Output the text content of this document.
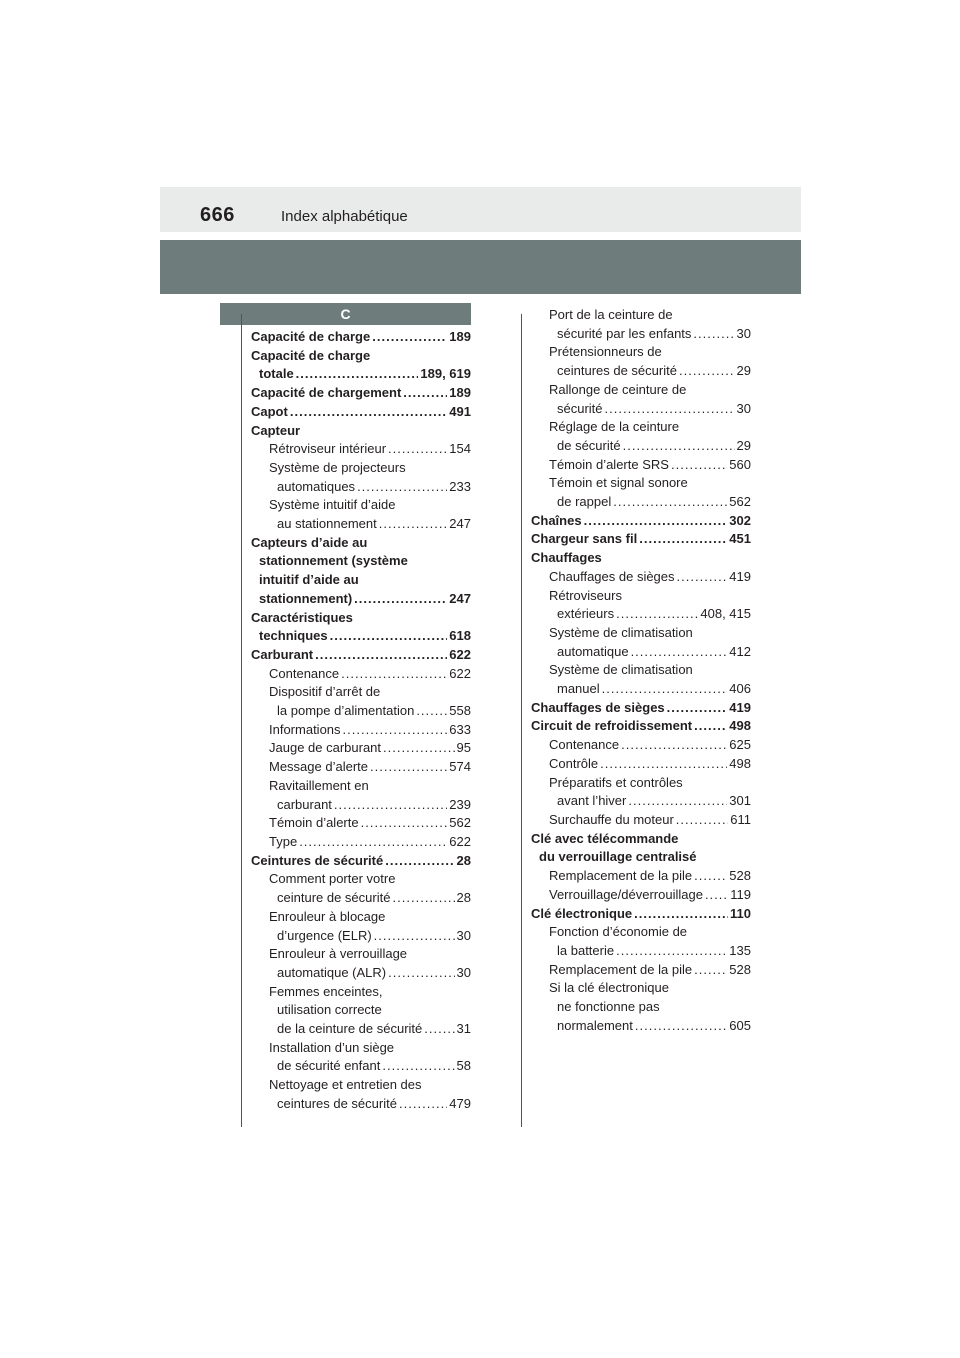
666	Index alphabétique
C
Capacité de charge . . .	189
Capacité de charge
totale . . .	189, 619
Capacité de chargement . . .	189
Capot . . .	491
Capteur
Rétroviseur intérieur . . .	154
Système de projecteurs
automatiques . . .	233
Système intuitif d’aide
au stationnement . . .	247
Capteurs d’aide au
stationnement (système
intuitif d’aide au
stationnement) . . .	247
Caractéristiques
techniques . . .	618
Carburant . . .	622
Contenance . . .	622
Dispositif d’arrêt de
la pompe d’alimentation . . .	558
Informations . . .	633
Jauge de carburant . . .	95
Message d’alerte . . .	574
Ravitaillement en
carburant . . .	239
Témoin d’alerte . . .	562
Type . . .	622
Ceintures de sécurité . . .	28
Comment porter votre
ceinture de sécurité . . .	28
Enrouleur à blocage
d’urgence (ELR) . . .	30
Enrouleur à verrouillage
automatique (ALR) . . .	30
Femmes enceintes,
utilisation correcte
de la ceinture de sécurité . . .	31
Installation d’un siège
de sécurité enfant . . .	58
Nettoyage et entretien des
ceintures de sécurité . . .	479
Port de la ceinture de
sécurité par les enfants . . .	30
Prétensionneurs de
ceintures de sécurité . . .	29
Rallonge de ceinture de
sécurité . . .	30
Réglage de la ceinture
de sécurité . . .	29
Témoin d’alerte SRS . . .	560
Témoin et signal sonore
de rappel . . .	562
Chaînes . . .	302
Chargeur sans fil . . .	451
Chauffages
Chauffages de sièges . . .	419
Rétroviseurs
extérieurs . . .	408, 415
Système de climatisation
automatique . . .	412
Système de climatisation
manuel . . .	406
Chauffages de sièges . . .	419
Circuit de refroidissement . . .	498
Contenance . . .	625
Contrôle . . .	498
Préparatifs et contrôles
avant l’hiver . . .	301
Surchauffe du moteur . . .	611
Clé avec télécommande
du verrouillage centralisé
Remplacement de la pile . . .	528
Verrouillage/déverrouillage . . . 119
Clé électronique . . .	110
Fonction d’économie de
la batterie . . .	135
Remplacement de la pile . . .	528
Si la clé électronique
ne fonctionne pas
normalement . . .	605
